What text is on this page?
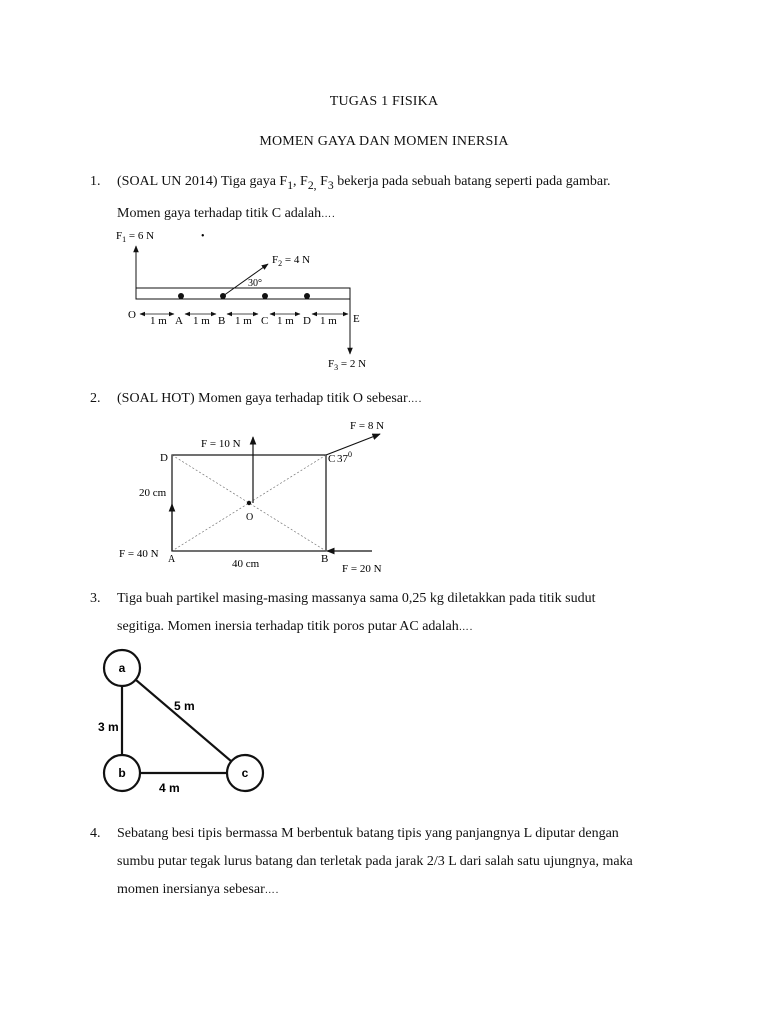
TUGAS 1 FISIKA
MOMEN GAYA DAN MOMEN INERSIA
1.	(SOAL UN 2014) Tiga gaya $F_1$, $F_{2,}$ $F_3$ bekerja pada sebuah batang seperti pada gambar.
Momen gaya terhadap titik C adalah….
$F_1 = 6$ N	•
$F_2 = 4$ N
30°
$F_3 = 2$ N
O	A	B	C	D	E
1 m 1 m 1 m 1 m 1 m
2.	(SOAL HOT) Momen gaya terhadap titik O sebesar….
O
F = 10 N
F = 8 N
C $37^0$
D
20 cm
F = 40 N A	B
F = 20 N
40 cm
3.	Tiga buah partikel masing-masing massanya sama 0,25 kg diletakkan pada titik sudut
segitiga. Momen inersia terhadap titik poros putar AC adalah….
a
b	c
3 m
4 m
5 m
4.	Sebatang besi tipis bermassa M berbentuk batang tipis yang panjangnya L diputar dengan
sumbu putar tegak lurus batang dan terletak pada jarak 2/3 L dari salah satu ujungnya, maka
momen inersianya sebesar….
